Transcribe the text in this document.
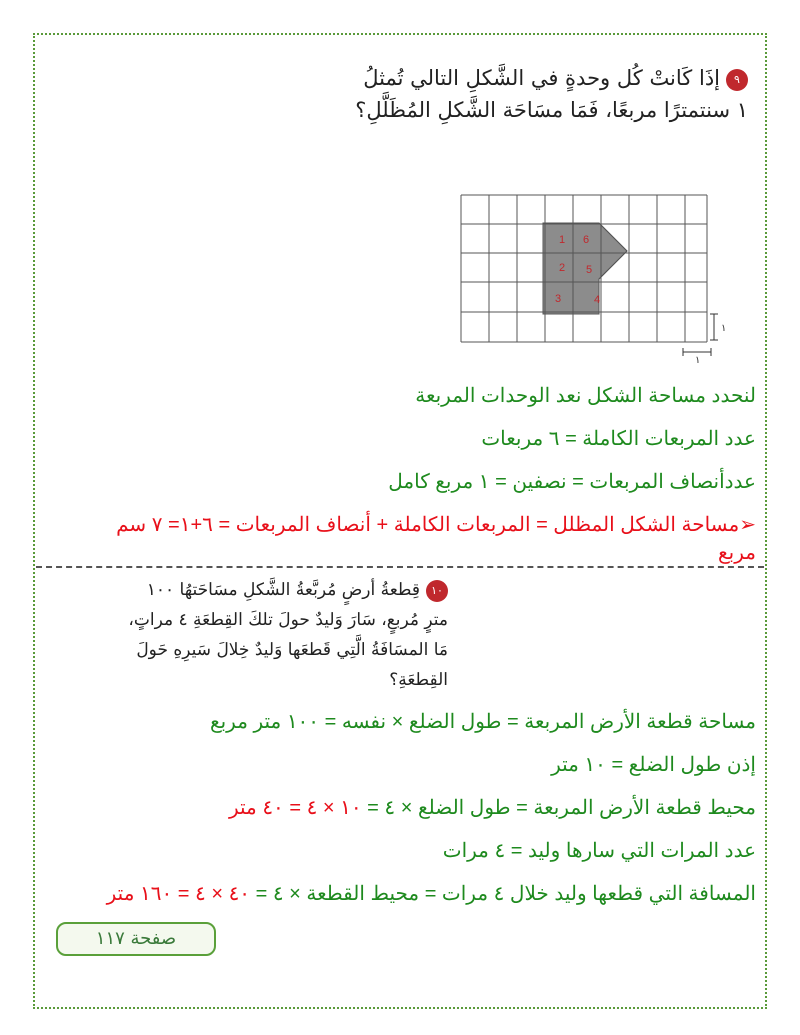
٩إذَا كَانتْ كُل وحدةٍ في الشَّكلِ التالي تُمثلُ
١ سنتمترًا مربعًا، فَمَا مسَاحَة الشَّكلِ المُظَلَّلِ؟
1 6
2 5
3	4
١
١
لنحدد مساحة الشكل نعد الوحدات المربعة
عدد المربعات الكاملة = ٦ مربعات
عددأنصاف المربعات = نصفين = ١ مربع كامل
➢مساحة الشكل المظلل = المربعات الكاملة + أنصاف المربعات = ٦+١= ٧ سم
مربع
١٠قِطعةُ أرضٍ مُربَّعةُ الشَّكلِ مسَاحَتهُا ١٠٠
مترٍ مُربعٍ، سَارَ وَليدٌ حولَ تلكَ القِطعَةِ ٤ مراتٍ،
مَا المسَافَةُ الَّتِي قَطعَها وَليدٌ خِلالَ سَيرِهِ حَولَ
القِطعَةِ؟
مساحة قطعة الأرض المربعة = طول الضلع × نفسه = ١٠٠ متر مربع
إذن طول الضلع = ١٠ متر
محيط قطعة الأرض المربعة = طول الضلع × ٤ = ١٠ × ٤ = ٤٠ متر
عدد المرات التي سارها وليد = ٤ مرات
المسافة التي قطعها وليد خلال ٤ مرات = محيط القطعة × ٤ = ٤٠ × ٤ = ١٦٠ متر
صفحة ١١٧
